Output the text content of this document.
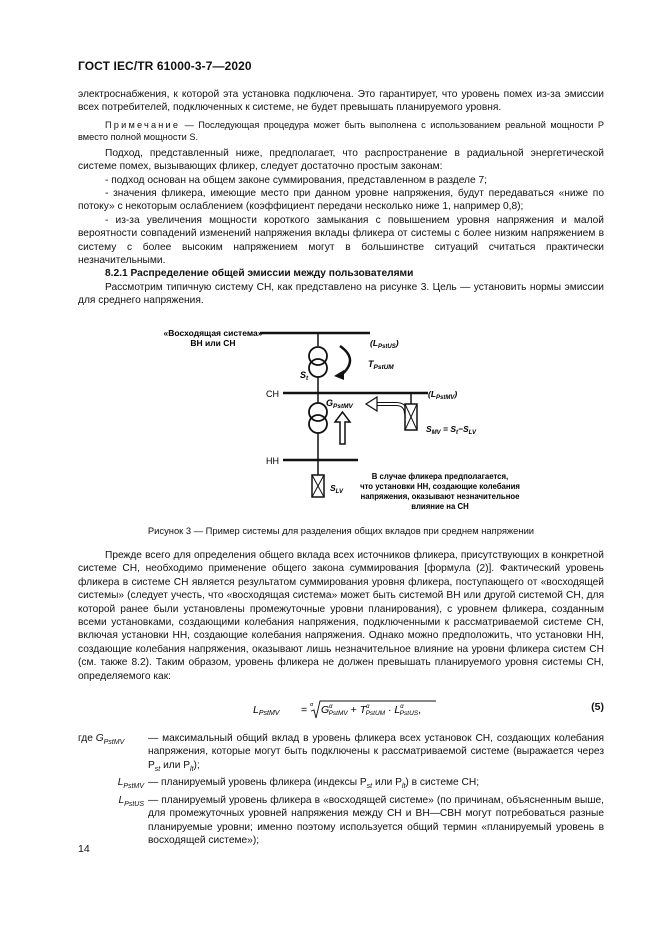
ГОСТ IEC/TR 61000-3-7—2020

электроснабжения, к которой эта установка подключена. Это гарантирует, что уровень помех из-за эмиссии всех потребителей, подключенных к системе, не будет превышать планируемого уровня.

Примечание — Последующая процедура может быть выполнена с использованием реальной мощности P вместо полной мощности S.

Подход, представленный ниже, предполагает, что распространение в радиальной энергетической системе помех, вызывающих фликер, следует достаточно простым законам:

- подход основан на общем законе суммирования, представленном в разделе 7;

- значения фликера, имеющие место при данном уровне напряжения, будут передаваться «ниже по потоку» с некоторым ослаблением (коэффициент передачи несколько ниже 1, например 0,8);

- из-за увеличения мощности короткого замыкания с повышением уровня напряжения и малой вероятности совпадений изменений напряжения вклады фликера от системы с более низким напряжением в систему с более высоким напряжением могут в большинстве ситуаций считаться практически незначительными.

8.2.1 Распределение общей эмиссии между пользователями

Рассмотрим типичную систему СН, как представлено на рисунке 3. Цель — установить нормы эмиссии для среднего напряжения.

«Восходящая система»
ВН или СН
$S_t$
$T_{PstUM}$
$(L_{PstUS})$
СН	$(L_{PstMV})$
$G_{PstMV}$
$S_{MV} = S_t-S_{LV}$
НН
$S_{LV}$
В случае фликера предполагается,
что установки НН, создающие колебания
напряжения, оказывают незначительное
влияние на СН
Рисунок 3 — Пример системы для разделения общих вкладов при среднем напряжении

Прежде всего для определения общего вклада всех источников фликера, присутствующих в конкретной системе СН, необходимо применение общего закона суммирования [формула (2)]. Фактический уровень фликера в системе СН является результатом суммирования уровня фликера, поступающего от «восходящей системы» (следует учесть, что «восходящая система» может быть системой ВН или другой системой СН, для которой ранее были установлены промежуточные уровни планирования), с уровнем фликера, созданным всеми установками, создающими колебания напряжения, подключенными к рассматриваемой системе СН, включая установки НН, создающие колебания напряжения. Однако можно предположить, что установки НН, создающие колебания напряжения, оказывают лишь незначительное влияние на уровни фликера систем СН (см. также 8.2). Таким образом, уровень фликера не должен превышать планируемого уровня системы СН, определяемого как:

LPstMV = α $G^\alpha$ PstMV + $T^\alpha$ PstUM · $L^\alpha$ PstUS,	(5)
где $G_{PstMV}$	— максимальный общий вклад в уровень фликера всех установок СН, создающих колебания напряжения, которые могут быть подключены к рассматриваемой системе (выражается через $P_{st}$ или $P_{lt}$);
$L_{PstMV}$ — планируемый уровень фликера (индексы $P_{st}$ или $P_{lt}$) в системе СН;
$L_{PstUS}$ — планируемый уровень фликера в «восходящей системе» (по причинам, объясненным выше, для промежуточных уровней напряжения между СН и ВН—СВН могут потребоваться разные планируемые уровни; именно поэтому используется общий термин «планируемый уровень в восходящей системе»);
14
